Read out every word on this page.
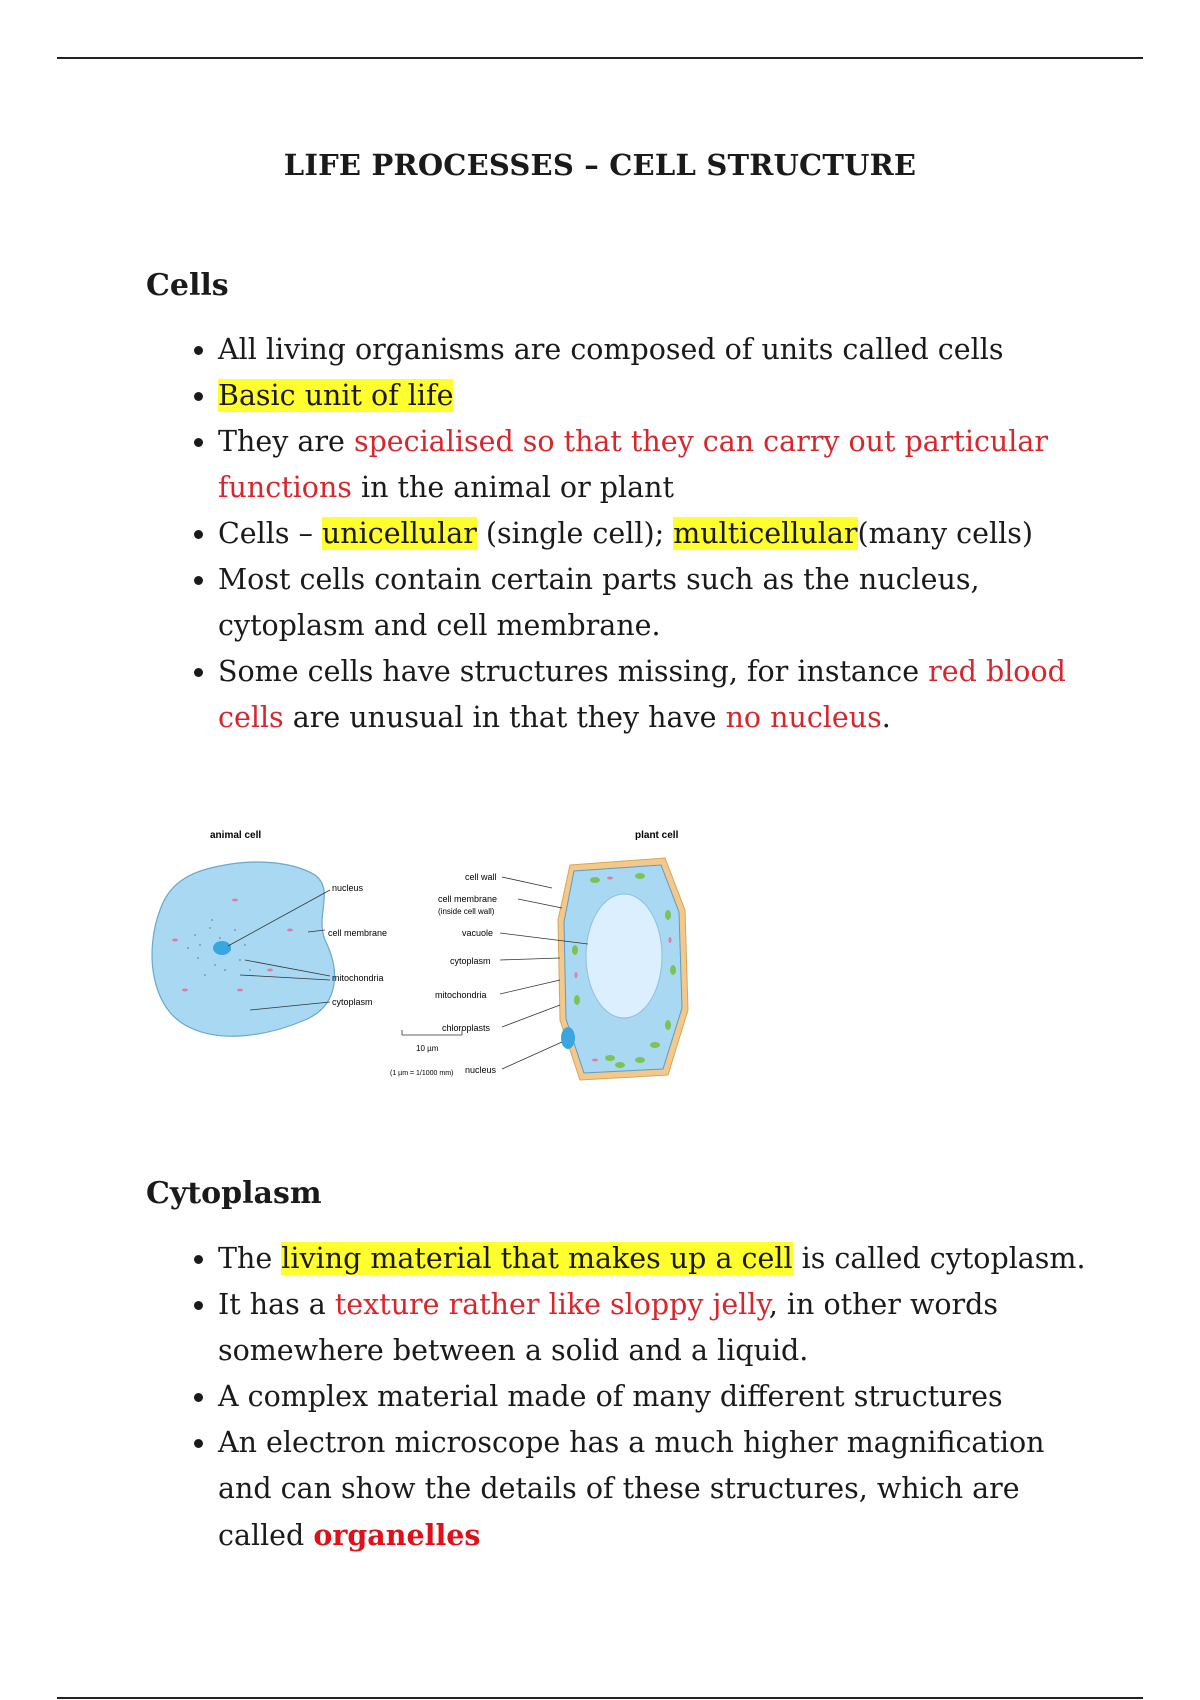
LIFE PROCESSES – CELL STRUCTURE
Cells
• All living organisms are composed of units called cells
• Basic unit of life
• They are specialised so that they can carry out particular functions in the animal or plant
• Cells – unicellular (single cell); multicellular(many cells)
• Most cells contain certain parts such as the nucleus, cytoplasm and cell membrane.
• Some cells have structures missing, for instance red blood cells are unusual in that they have no nucleus.
animal cell
nucleus
cell membrane
mitochondria
cytoplasm
10 µm
(1 µm = 1/1000 mm)
plant cell
cell wall
cell membrane
(inside cell wall)
vacuole
cytoplasm
mitochondria
chloroplasts
nucleus
Cytoplasm
• The living material that makes up a cell is called cytoplasm.
• It has a texture rather like sloppy jelly, in other words somewhere between a solid and a liquid.
• A complex material made of many different structures
• An electron microscope has a much higher magnification and can show the details of these structures, which are called organelles
